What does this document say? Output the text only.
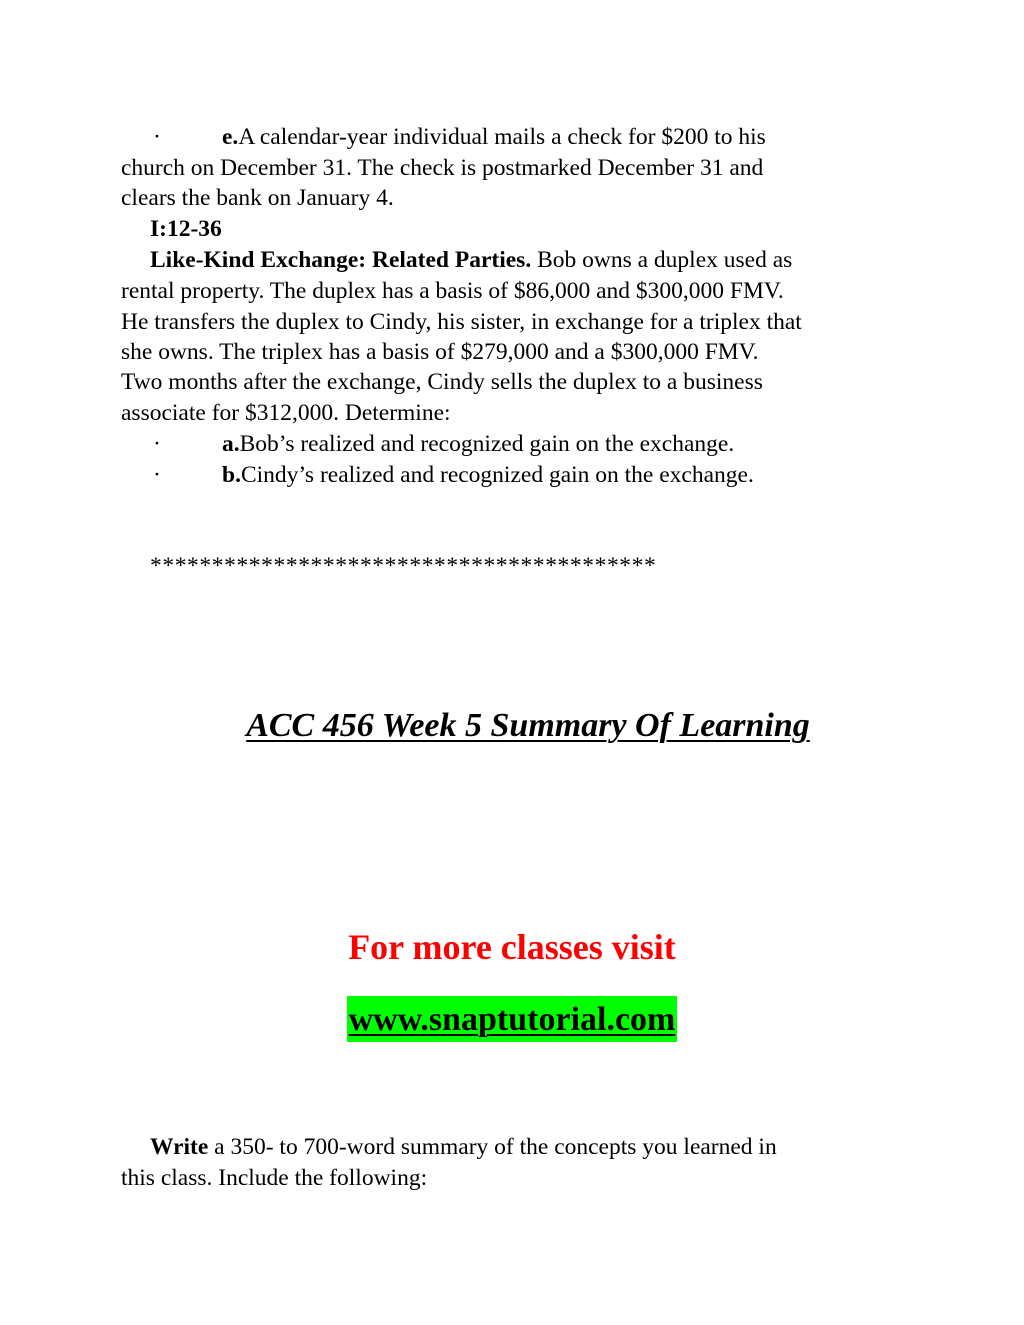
·	e.A calendar-year individual mails a check for $200 to his
church on December 31. The check is postmarked December 31 and
clears the bank on January 4.
I:12-36
Like-Kind Exchange: Related Parties. Bob owns a duplex used as
rental property. The duplex has a basis of $86,000 and $300,000 FMV.
He transfers the duplex to Cindy, his sister, in exchange for a triplex that
she owns. The triplex has a basis of $279,000 and a $300,000 FMV.
Two months after the exchange, Cindy sells the duplex to a business
associate for $312,000. Determine:
·	a.Bob’s realized and recognized gain on the exchange.
·	b.Cindy’s realized and recognized gain on the exchange.
*****************************************
ACC 456 Week 5 Summary Of Learning
For more classes visit
www.snaptutorial.com
Write a 350- to 700-word summary of the concepts you learned in
this class. Include the following:
